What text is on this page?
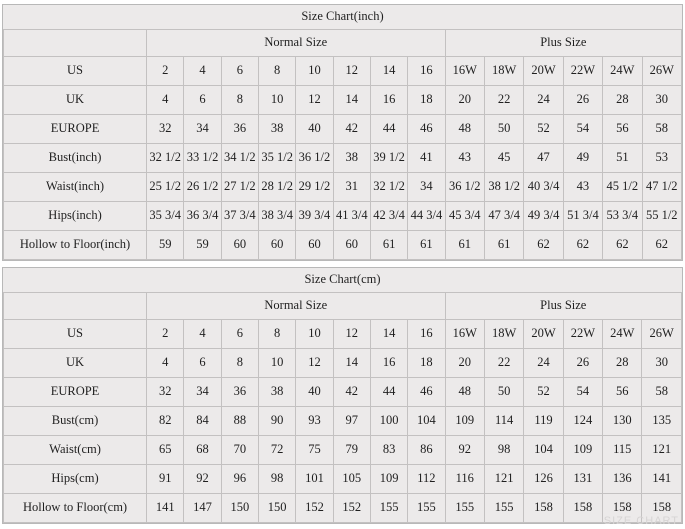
Size Chart(inch)														
	Normal Size								Plus Size					
US	2	4	6	8	10	12	14	16	16W	18W	20W	22W	24W	26W
UK	4	6	8	10	12	14	16	18	20	22	24	26	28	30
EUROPE	32	34	36	38	40	42	44	46	48	50	52	54	56	58
Bust(inch)	32 1/2	33 1/2	34 1/2	35 1/2	36 1/2	38	39 1/2	41	43	45	47	49	51	53
Waist(inch)	25 1/2	26 1/2	27 1/2	28 1/2	29 1/2	31	32 1/2	34	36 1/2	38 1/2	40 3/4	43	45 1/2	47 1/2
Hips(inch)	35 3/4	36 3/4	37 3/4	38 3/4	39 3/4	41 3/4	42 3/4	44 3/4	45 3/4	47 3/4	49 3/4	51 3/4	53 3/4	55 1/2
Hollow to Floor(inch)	59	59	60	60	60	60	61	61	61	61	62	62	62	62
Size Chart(cm)														
	Normal Size								Plus Size					
US	2	4	6	8	10	12	14	16	16W	18W	20W	22W	24W	26W
UK	4	6	8	10	12	14	16	18	20	22	24	26	28	30
EUROPE	32	34	36	38	40	42	44	46	48	50	52	54	56	58
Bust(cm)	82	84	88	90	93	97	100	104	109	114	119	124	130	135
Waist(cm)	65	68	70	72	75	79	83	86	92	98	104	109	115	121
Hips(cm)	91	92	96	98	101	105	109	112	116	121	126	131	136	141
Hollow to Floor(cm)	141	147	150	150	152	152	155	155	155	155	158	158	158	158
SIZE CHART
